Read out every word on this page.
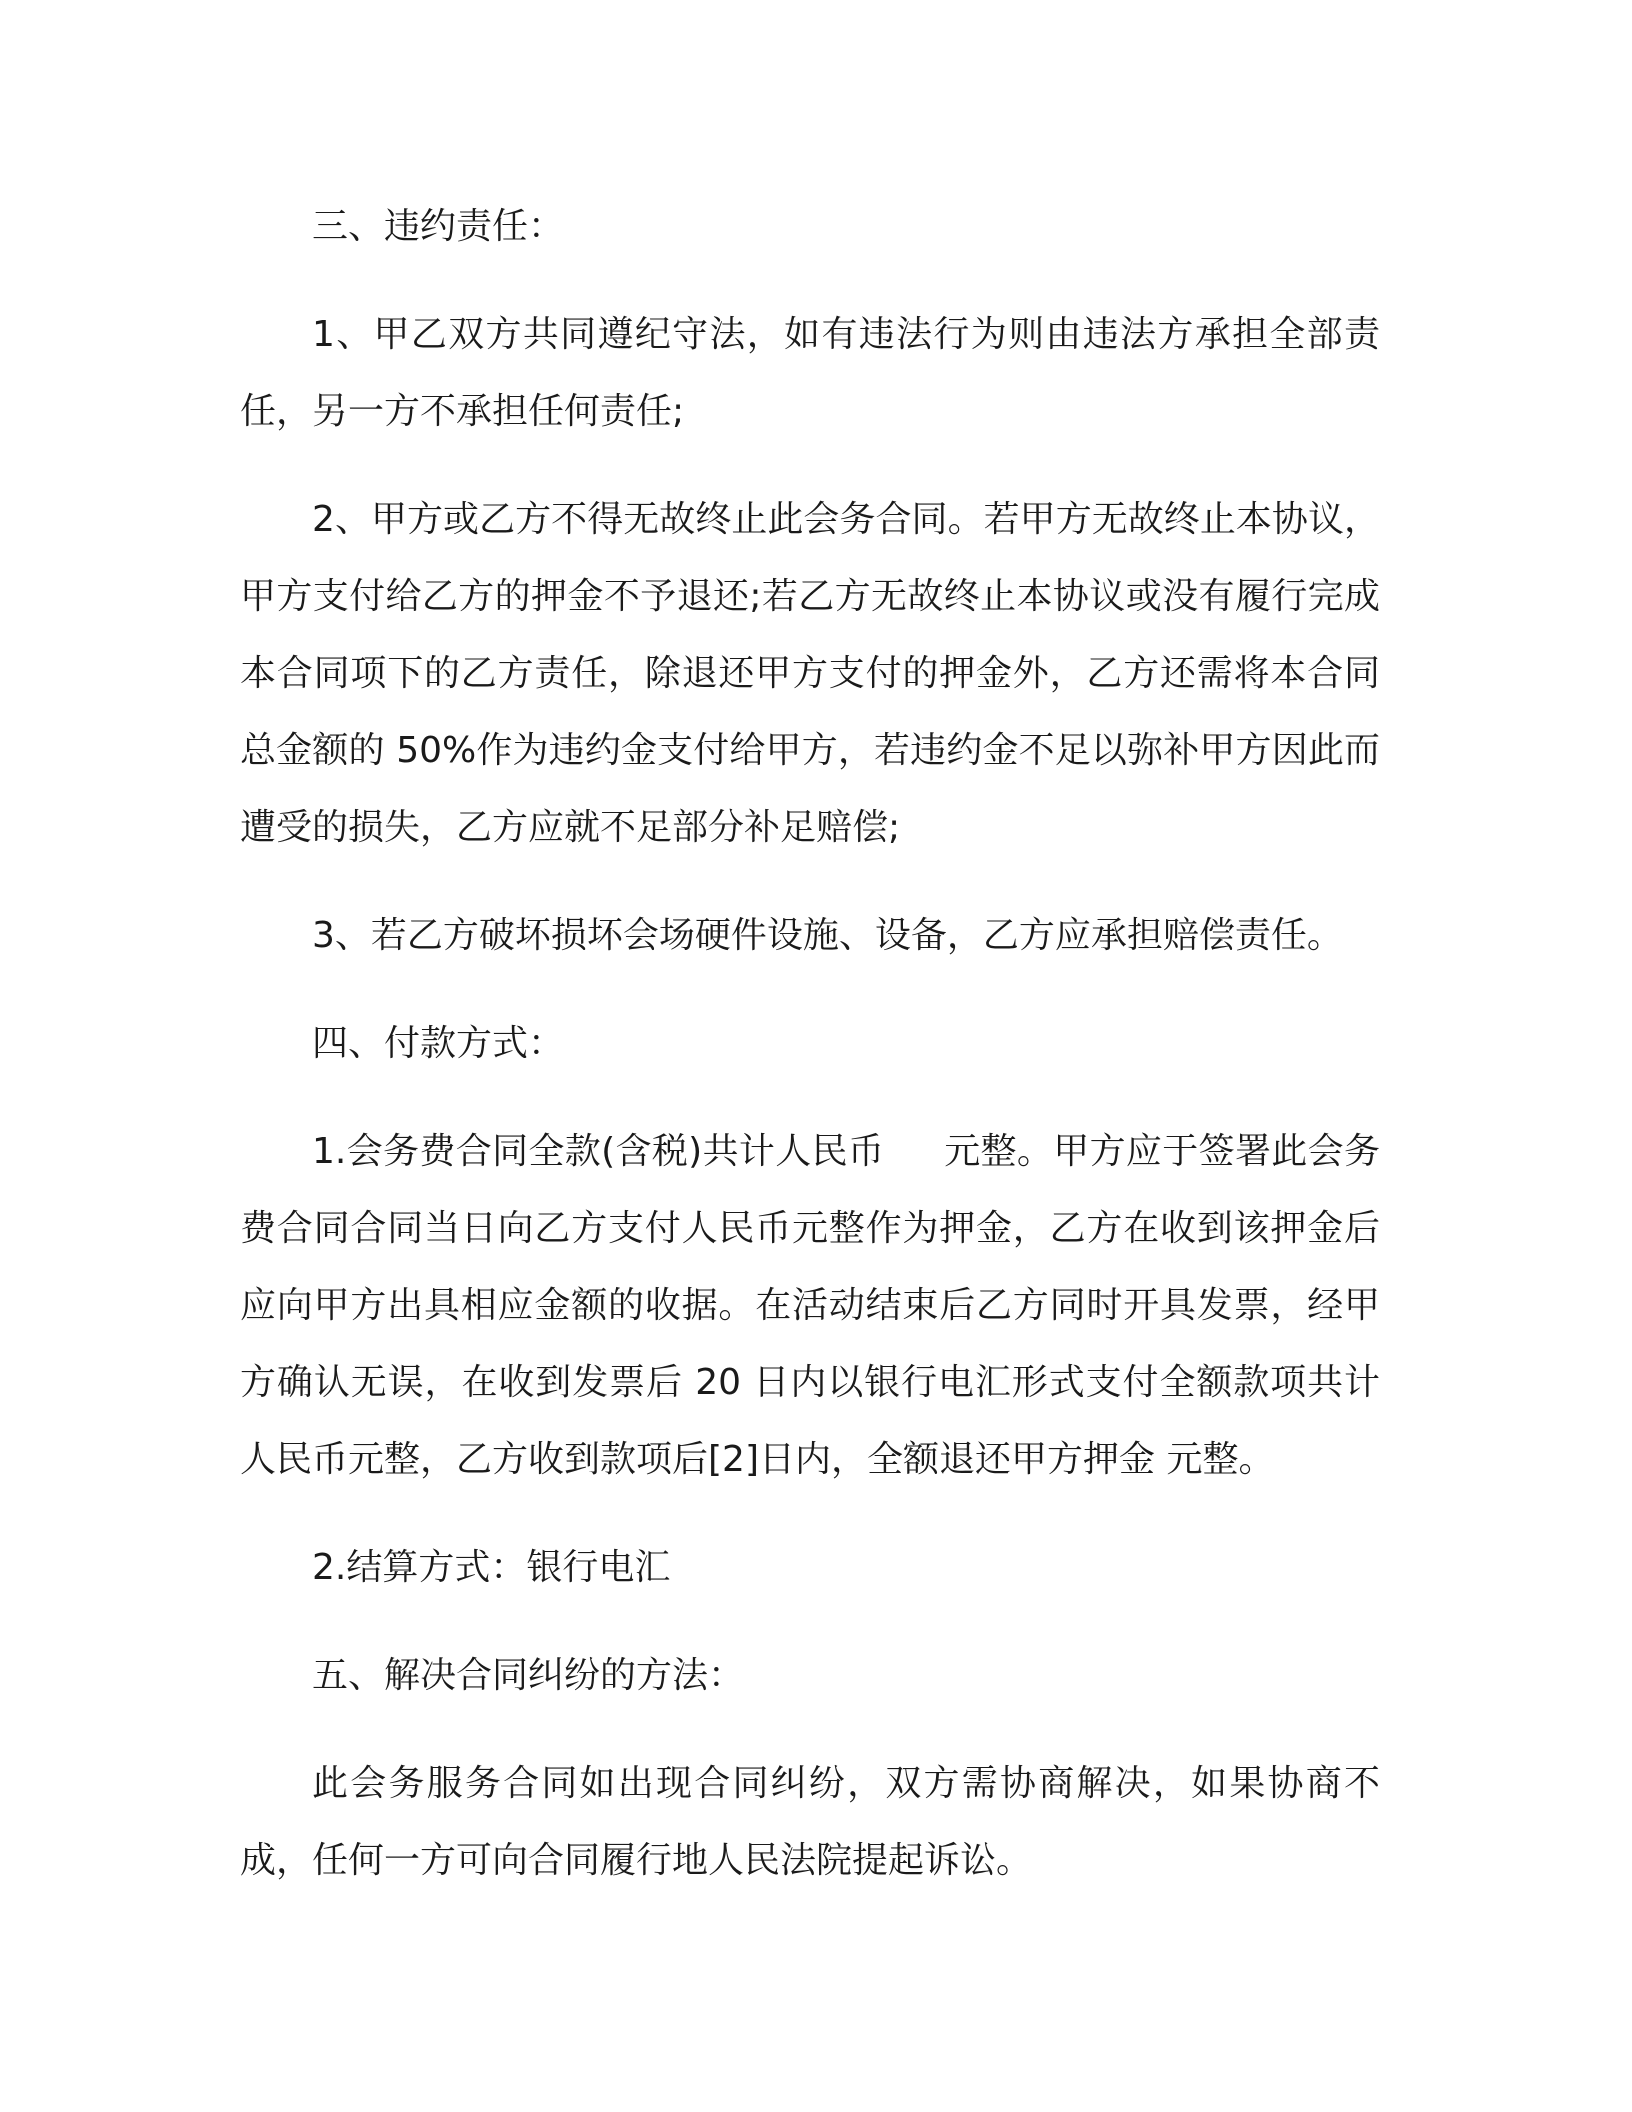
三、违约责任：

1、甲乙双方共同遵纪守法，如有违法行为则由违法方承担全部责任，另一方不承担任何责任;

2、甲方或乙方不得无故终止此会务合同。若甲方无故终止本协议，甲方支付给乙方的押金不予退还;若乙方无故终止本协议或没有履行完成本合同项下的乙方责任，除退还甲方支付的押金外，乙方还需将本合同总金额的 50%作为违约金支付给甲方，若违约金不足以弥补甲方因此而遭受的损失，乙方应就不足部分补足赔偿;

3、若乙方破坏损坏会场硬件设施、设备，乙方应承担赔偿责任。

四、付款方式：

1.会务费合同全款(含税)共计人民币　  元整。甲方应于签署此会务费合同合同当日向乙方支付人民币元整作为押金，乙方在收到该押金后应向甲方出具相应金额的收据。在活动结束后乙方同时开具发票，经甲方确认无误，在收到发票后 20 日内以银行电汇形式支付全额款项共计人民币元整，乙方收到款项后[2]日内，全额退还甲方押金 元整。

2.结算方式：银行电汇

五、解决合同纠纷的方法：

此会务服务合同如出现合同纠纷，双方需协商解决，如果协商不成，任何一方可向合同履行地人民法院提起诉讼。
